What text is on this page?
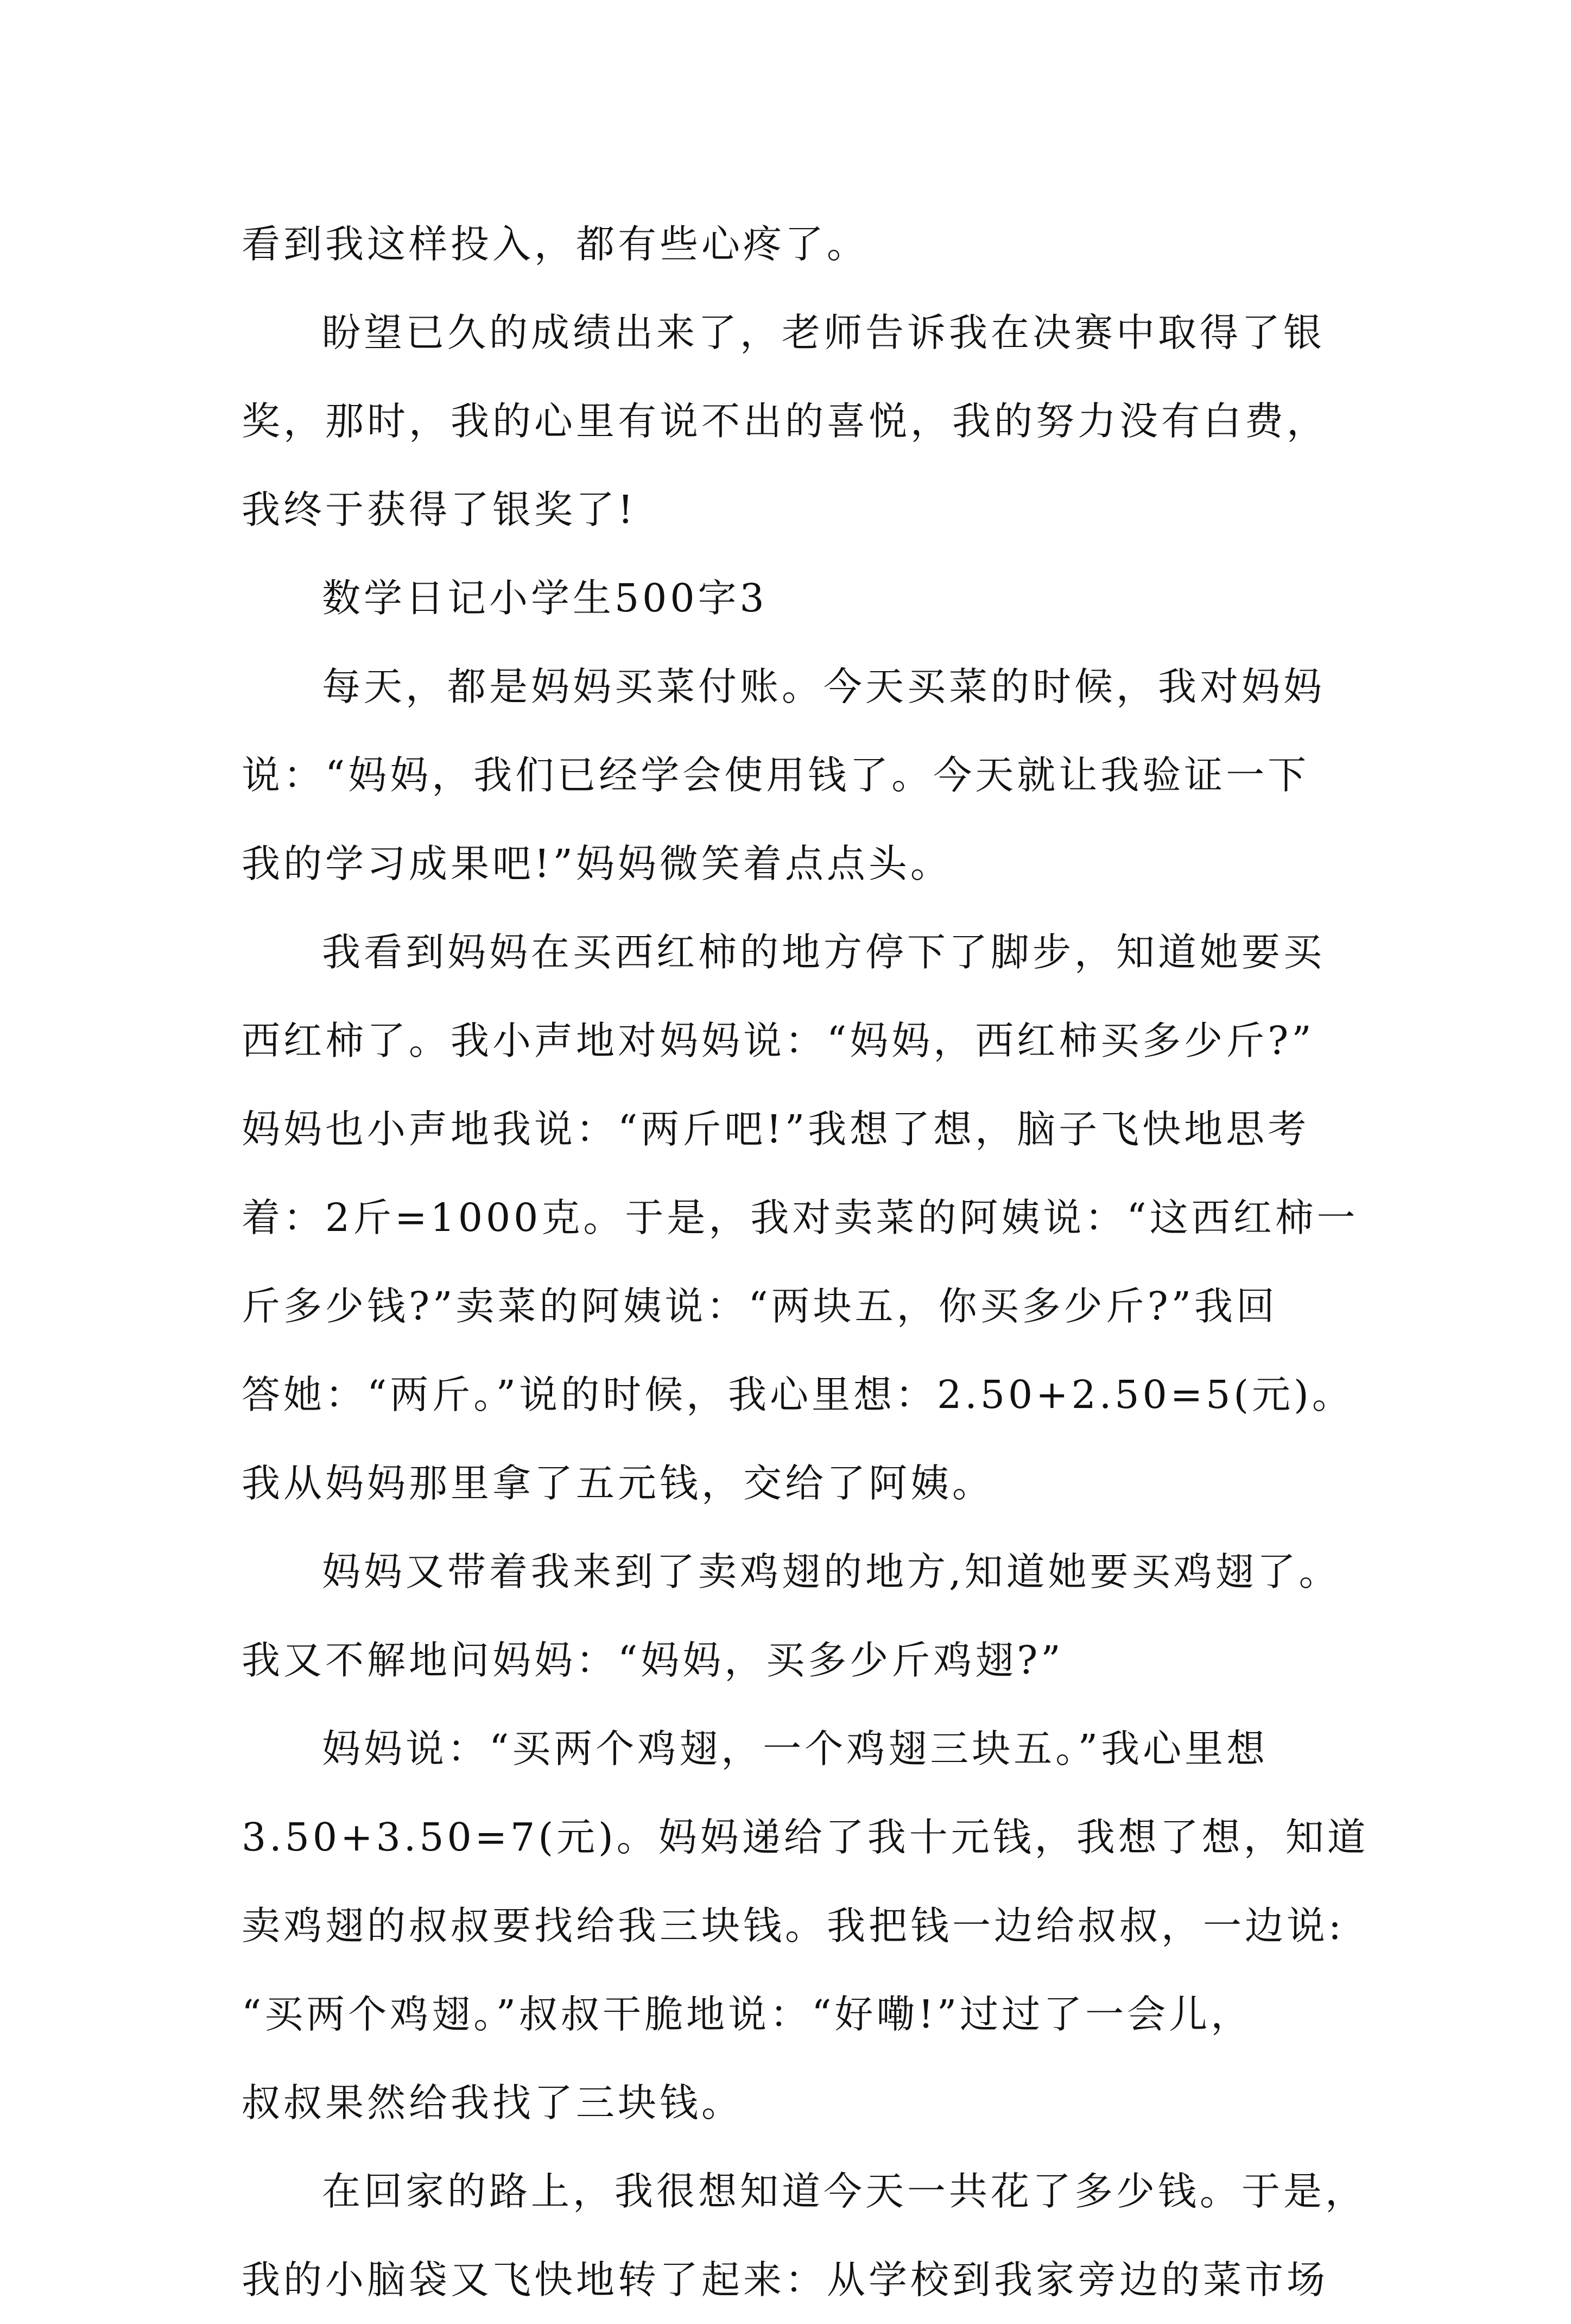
看到我这样投入，都有些心疼了。
盼望已久的成绩出来了，老师告诉我在决赛中取得了银
奖，那时，我的心里有说不出的喜悦，我的努力没有白费，
我终于获得了银奖了!
数学日记小学生500字3
每天，都是妈妈买菜付账。今天买菜的时候，我对妈妈
说：“妈妈，我们已经学会使用钱了。今天就让我验证一下
我的学习成果吧!”妈妈微笑着点点头。
我看到妈妈在买西红柿的地方停下了脚步，知道她要买
西红柿了。我小声地对妈妈说：“妈妈，西红柿买多少斤?”
妈妈也小声地我说：“两斤吧!”我想了想，脑子飞快地思考
着：2斤=1000克。于是，我对卖菜的阿姨说：“这西红柿一
斤多少钱?”卖菜的阿姨说：“两块五，你买多少斤?”我回
答她：“两斤。”说的时候，我心里想：2.50+2.50=5(元)。
我从妈妈那里拿了五元钱，交给了阿姨。
妈妈又带着我来到了卖鸡翅的地方,知道她要买鸡翅了。
我又不解地问妈妈：“妈妈，买多少斤鸡翅?”
妈妈说：“买两个鸡翅，一个鸡翅三块五。”我心里想
3.50+3.50=7(元)。妈妈递给了我十元钱，我想了想，知道
卖鸡翅的叔叔要找给我三块钱。我把钱一边给叔叔，一边说:
“买两个鸡翅。”叔叔干脆地说：“好嘞!”过过了一会儿，
叔叔果然给我找了三块钱。
在回家的路上，我很想知道今天一共花了多少钱。于是，
我的小脑袋又飞快地转了起来：从学校到我家旁边的菜市场
